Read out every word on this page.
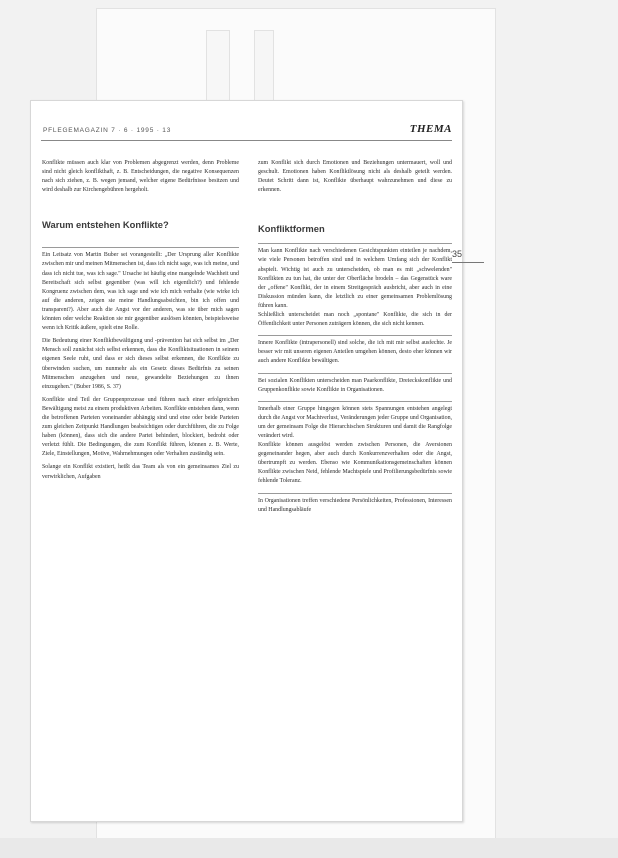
PFLEGEMAGAZIN 7 · 6 · 1995 · 13	THEMA

Konflikte müssen auch klar von Problemen abgegrenzt werden, denn Probleme sind nicht gleich konflikthaft, z. B. Entscheidungen, die negative Konsequenzen nach sich ziehen, z. B. wegen jemand, welcher eigene Bedürfnisse besitzen und wird deshalb zur Kirchengebühren hergeholt.

Warum entstehen Konflikte?

Ein Leitsatz von Martin Buber sei vorangestellt: „Der Ursprung aller Konflikte zwischen mir und meinen Mitmenschen ist, dass ich nicht sage, was ich meine, und dass ich nicht tue, was ich sage." Ursache ist häufig eine mangelnde Wachheit und Bereitschaft sich selbst gegenüber (was will ich eigentlich?) und fehlende Kongruenz zwischen dem, was ich sage und wie ich mich verhalte (wie wirke ich auf die anderen, zeigen sie meine Handlungsabsichten, bin ich offen und transparent?). Aber auch die Angst vor der anderen, was sie über mich sagen könnten oder welche Reaktion sie mir gegenüber auslösen könnten, beispielsweise wenn ich Kritik äußere, spielt eine Rolle.

Die Bedeutung einer Konfliktbewältigung und -prävention hat sich selbst im „Der Mensch soll zunächst sich selbst erkennen, dass die Konfliktsituationen in seinem eigenen Seele ruht, und dass er sich dieses selbst erkennen, die Konflikte zu überwinden suchen, um nunmehr als ein Gesetz dieses Bedürfnis zu seinen Mitmenschen anzugehen und neue, gewandelte Beziehungen zu ihnen einzugehen." (Buber 1986, S. 37)

Konflikte sind Teil der Gruppenprozesse und führen nach einer erfolgreichen Bewältigung meist zu einem produktiven Arbeiten. Konflikte entstehen dann, wenn die betroffenen Parteien voneinander abhängig sind und eine oder beide Parteien zum gleichen Zeitpunkt Handlungen beabsichtigen oder durchführen, die zu Folge haben (können), dass sich die andere Partei behindert, blockiert, bedroht oder verletzt fühlt. Die Bedingungen, die zum Konflikt führen, können z. B. Werte, Ziele, Einstellungen, Motive, Wahrnehmungen oder Verhalten zuständig sein.

Solange ein Konflikt existiert, heißt das Team als von ein gemeinsames Ziel zu verwirklichen, Aufgaben

zum Konflikt sich durch Emotionen und Beziehungen untermauert, woll und geschult. Emotionen haben Konfliktlösung nicht als deshalb geteilt werden. Deutet Schritt dann ist, Konflikte überhaupt wahrzunehmen und diese zu erkennen.

Konfliktformen

Man kann Konflikte nach verschiedenen Gesichtspunkten einteilen je nachdem, wie viele Personen betroffen sind und in welchem Umfang sich der Konflikt abspielt. Wichtig ist auch zu unterscheiden, ob man es mit „schwelenden" Konflikten zu tun hat, die unter der Oberfläche brodeln – das Gegenstück ware der „offene" Konflikt, der in einem Streitgespräch ausbricht, aber auch in eine Diskussion münden kann, die letztlich zu einer gemeinsamen Problemlösung führen kann.

Schließlich unterscheidet man noch „spontane" Konflikte, die sich in der Öffentlichkeit unter Personen zuträgern können, die sich nicht kennen.

Innere Konflikte (intrapersonell) sind solche, die ich mit mir selbst ausfechte. Je besser wir mit unseren eigenen Anteilen umgehen können, desto eher können wir auch andere Konflikte bewältigen.

Bei sozialen Konflikten unterscheiden man Paarkonflikte, Dreieckskonflikte und Gruppenkonflikte sowie Konflikte in Organisationen.

Innerhalb einer Gruppe hingegen können stets Spannungen entstehen angelegt durch die Angst vor Machtverlust, Veränderungen jeder Gruppe und Organisation, um der gemeinsam Folge die Hierarchischen Strukturen und damit die Rangfolge verändert wird.

Konflikte können ausgelöst werden zwischen Personen, die Aversionen gegeneinander hegen, aber auch durch Konkurrenzverhalten oder die Angst, übertrumpft zu werden. Ebenso wie Kommunikationsgemeinschaften können Konflikte zwischen Neid, fehlende Machtspiele und Profilierungsbedürfnis sowie fehlende Toleranz.

In Organisationen treffen verschiedene Persönlichkeiten, Professionen, Interessen und Handlungsabläufe

35
